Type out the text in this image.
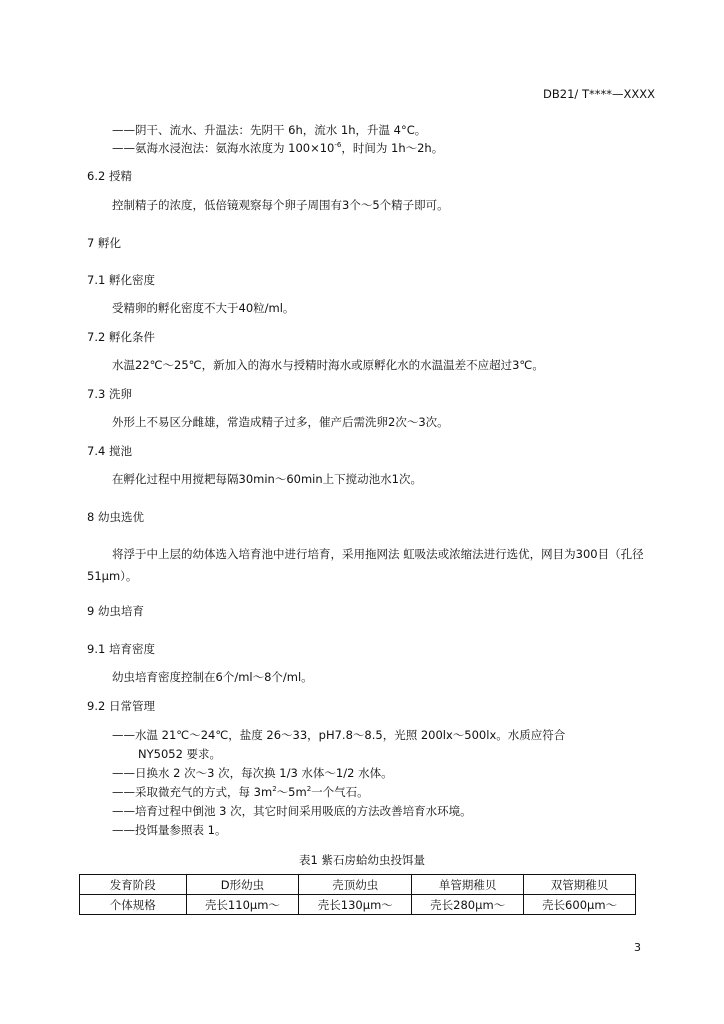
DB21/ T****—XXXX
——阴干、流水、升温法：先阴干 6h，流水 1h，升温 4°C。
——氨海水浸泡法：氨海水浓度为 $100\times 10^{-6}$，时间为 1h～2h。
6.2 授精
控制精子的浓度，低倍镜观察每个卵子周围有3个～5个精子即可。
7 孵化
7.1 孵化密度
受精卵的孵化密度不大于40粒/ml。
7.2 孵化条件
水温22℃～25℃，新加入的海水与授精时海水或原孵化水的水温温差不应超过3℃。
7.3 洗卵
外形上不易区分雌雄，常造成精子过多，催产后需洗卵2次～3次。
7.4 搅池
在孵化过程中用搅耙每隔30min～60min上下搅动池水1次。
8 幼虫选优
将浮于中上层的幼体选入培育池中进行培育，采用拖网法 虹吸法或浓缩法进行选优，网目为300目（孔径51μm）。
9 幼虫培育
9.1 培育密度
幼虫培育密度控制在6个/ml～8个/ml。
9.2 日常管理
——水温 21℃～24℃，盐度 26～33，pH7.8～8.5，光照 200lx～500lx。水质应符合
NY5052 要求。
——日换水 2 次～3 次，每次换 1/3 水体～1/2 水体。
——采取微充气的方式，每 $3m^2\sim 5m^2$一个气石。
——培育过程中倒池 3 次，其它时间采用吸底的方法改善培育水环境。
——投饵量参照表 1。
表1 紫石房蛤幼虫投饵量
发育阶段	D形幼虫	壳顶幼虫	单管期稚贝	双管期稚贝
个体规格	壳长110μm～	壳长130μm～	壳长280μm～	壳长600μm～
3
